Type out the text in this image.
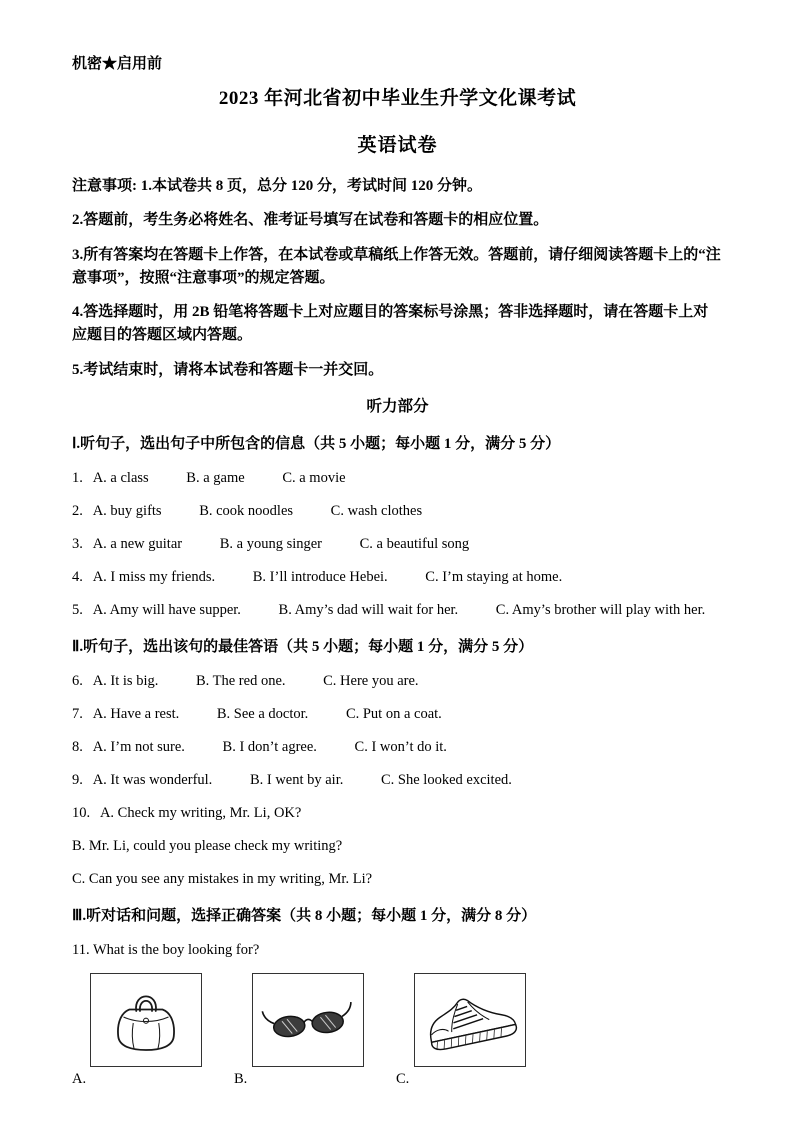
机密★启用前
2023 年河北省初中毕业生升学文化课考试
英语试卷

注意事项: 1.本试卷共 8 页，总分 120 分，考试时间 120 分钟。

2.答题前，考生务必将姓名、准考证号填写在试卷和答题卡的相应位置。

3.所有答案均在答题卡上作答，在本试卷或草稿纸上作答无效。答题前，请仔细阅读答题卡上的“注意事项”，按照“注意事项”的规定答题。

4.答选择题时，用 2B 铅笔将答题卡上对应题目的答案标号涂黑；答非选择题时，请在答题卡上对应题目的答题区域内答题。

5.考试结束时，请将本试卷和答题卡一并交回。

听力部分
Ⅰ.听句子，选出句子中所包含的信息（共 5 小题；每小题 1 分，满分 5 分）
1. A. a class	B. a game	C. a movie
2. A. buy gifts	B. cook noodles	C. wash clothes
3. A. a new guitar	B. a young singer	C. a beautiful song
4. A. I miss my friends.	B. I’ll introduce Hebei.	C. I’m staying at home.
5. A. Amy will have supper.	B. Amy’s dad will wait for her.	C. Amy’s brother will play with her.
Ⅱ.听句子，选出该句的最佳答语（共 5 小题；每小题 1 分，满分 5 分）
6. A. It is big.	B. The red one.	C. Here you are.
7. A. Have a rest.	B. See a doctor.	C. Put on a coat.
8. A. I’m not sure.	B. I don’t agree.	C. I won’t do it.
9. A. It was wonderful.	B. I went by air.	C. She looked excited.
10. A. Check my writing, Mr. Li, OK?
B. Mr. Li, could you please check my writing?
C. Can you see any mistakes in my writing, Mr. Li?
Ⅲ.听对话和问题，选择正确答案（共 8 小题；每小题 1 分，满分 8 分）
11. What is the boy looking for?
A.	B.	C.
